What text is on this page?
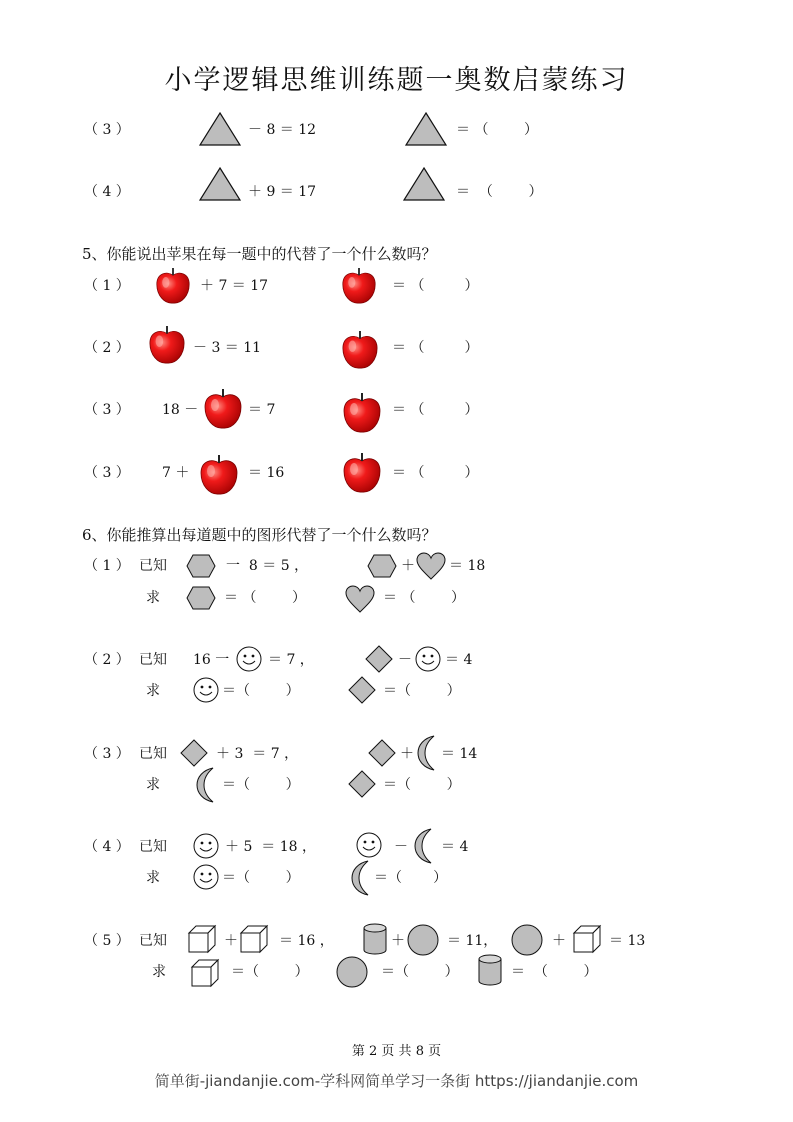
小学逻辑思维训练题一奥数启蒙练习
（ 3 ）	－ 8 ＝ 12	＝ （        ）
（ 4 ）	＋ 9 ＝ 17	＝  （        ）
5、你能说出苹果在每一题中的代替了一个什么数吗？
（ 1 ）	＋ 7 ＝ 17	＝ （         ）
（ 2 ）	－ 3 ＝ 11	＝ （         ）
（ 3 ） 18 －	＝ 7	＝ （         ）
（ 3 ） 7 ＋	＝ 16	＝ （         ）
6、你能推算出每道题中的图形代替了一个什么数吗？
（ 1 ） 已知	一  8 ＝ 5 ，	＋ ＝ 18
求	＝ （        ）	＝ （        ）
（ 2 ） 已知 16 一	＝ 7 ，	－ ＝ 4
求	＝（        ）	＝（        ）
（ 3 ） 已知	＋ 3  ＝ 7 ，	＋ ＝ 14
求	＝（        ）	＝（        ）
（ 4 ） 已知	＋ 5  ＝ 18 ，	－ ＝ 4
求	＝（        ）	＝（       ）
（ 5 ） 已知	＋	＝ 16 ，	＋	＝ 11，	＋	＝ 13
求	＝（        ）	＝（        ）	＝  （        ）
第 2 页 共 8 页
简单街-jiandanjie.com-学科网简单学习一条街 https://jiandanjie.com
